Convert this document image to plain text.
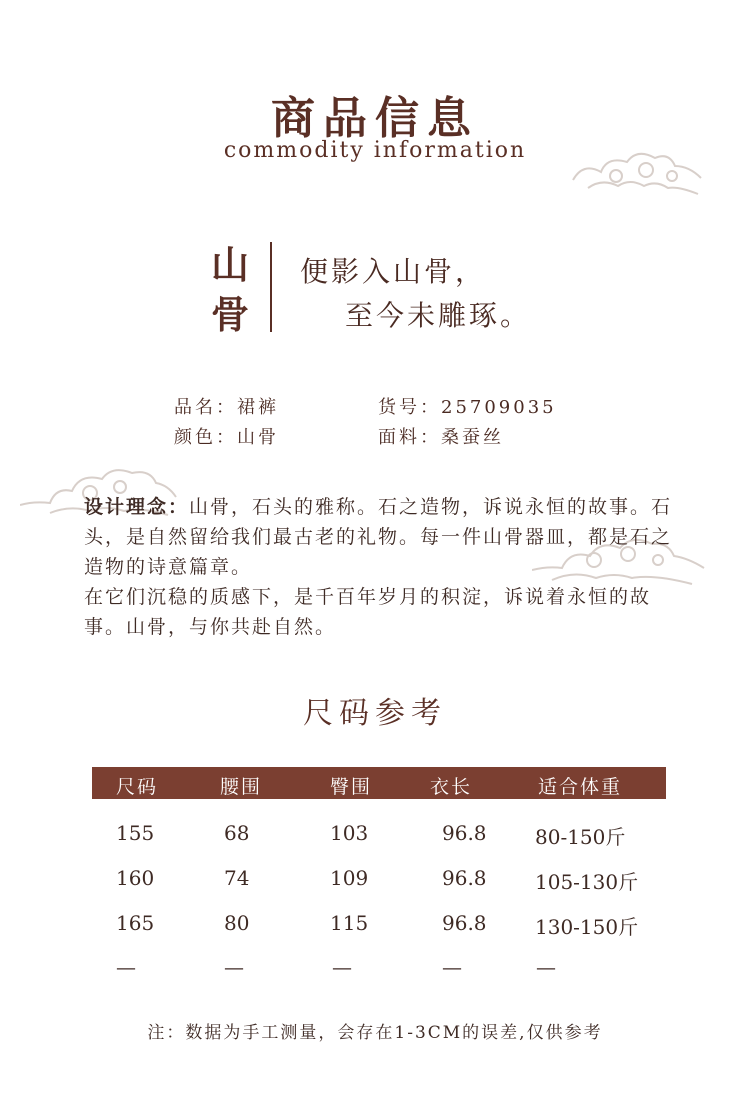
商品信息
commodity information
山
骨
便影入山骨，
至今未雕琢。
品名：裙裤	货号：25709035
颜色：山骨	面料：桑蚕丝
设计理念：山骨，石头的雅称。石之造物，诉说永恒的故事。石头，是自然留给我们最古老的礼物。每一件山骨器皿，都是石之造物的诗意篇章。
在它们沉稳的质感下，是千百年岁月的积淀，诉说着永恒的故事。山骨，与你共赴自然。
尺码参考
尺码	腰围	臀围	衣长	适合体重
155	68	103	96.8 80-150斤
160	74	109	96.8 105-130斤
165	80	115	96.8 130-150斤
—	—	—	—	—
注：数据为手工测量，会存在1-3CM的误差,仅供参考
